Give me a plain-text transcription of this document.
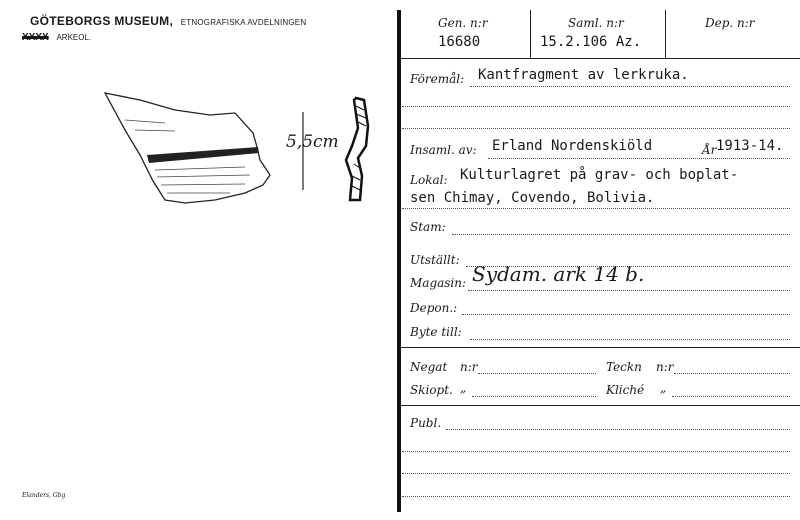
GÖTEBORGS MUSEUM, ETNOGRAFISKA AVDELNINGEN
XXXX ARKEOL.
5,5cm
Elanders, Gbg
Gen. n:r
16680
Saml. n:r
15.2.106 Az.
Dep. n:r
Föremål: Kantfragment av lerkruka.
Insaml. av: Erland Nordenskiöld	År 1913-14.
Lokal: Kulturlagret på grav- och boplat-
sen Chimay, Covendo, Bolivia.
Stam:
Utställt:
Magasin: Sydam. ark 14 b.
Depon.:
Byte till:
Negat n:r	Teckn n:r
Skiopt. „	Kliché „
Publ.
